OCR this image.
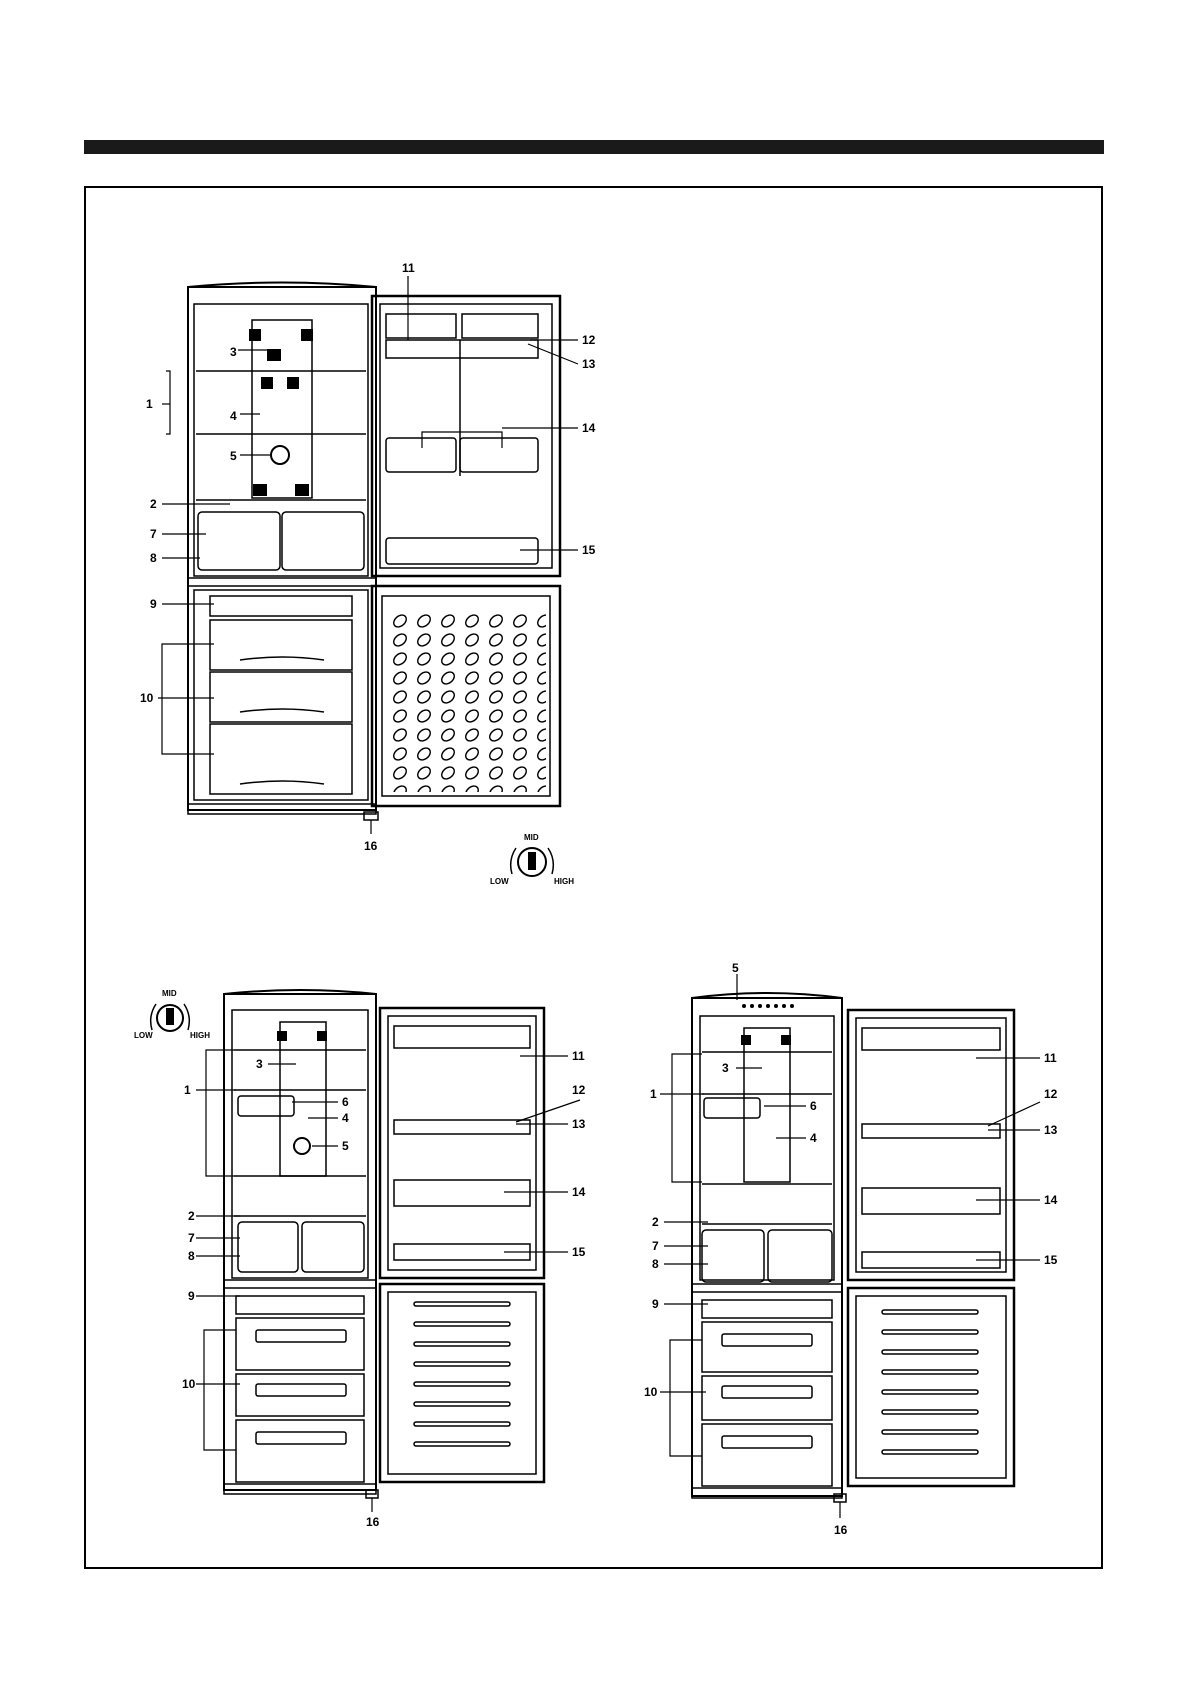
1
2
3
4
5
7
8
9
10
11
12
13
14
15
16
MID
LOW	HIGH
1
2
3
4
5
6
7
8
9
10
11
12
13
14
15
16
MID
LOW	HIGH
1
2
3
4
5
6
7
8
9
10
11
12
13
14
15
16
